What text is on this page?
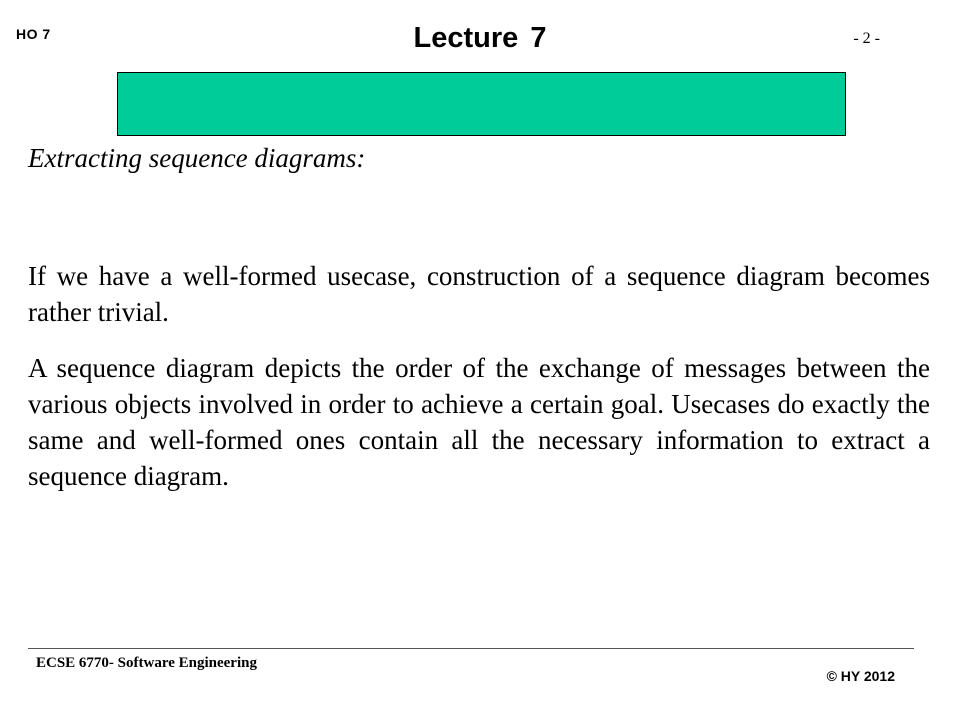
HO 7	Lecture 7	- 2 -
Extracting sequence diagrams:

If we have a well-formed usecase, construction of a sequence diagram becomes rather trivial.

A sequence diagram depicts the order of the exchange of messages between the various objects involved in order to achieve a certain goal. Usecases do exactly the same and well-formed ones contain all the necessary information to extract a sequence diagram.

ECSE 6770- Software Engineering
© HY 2012
